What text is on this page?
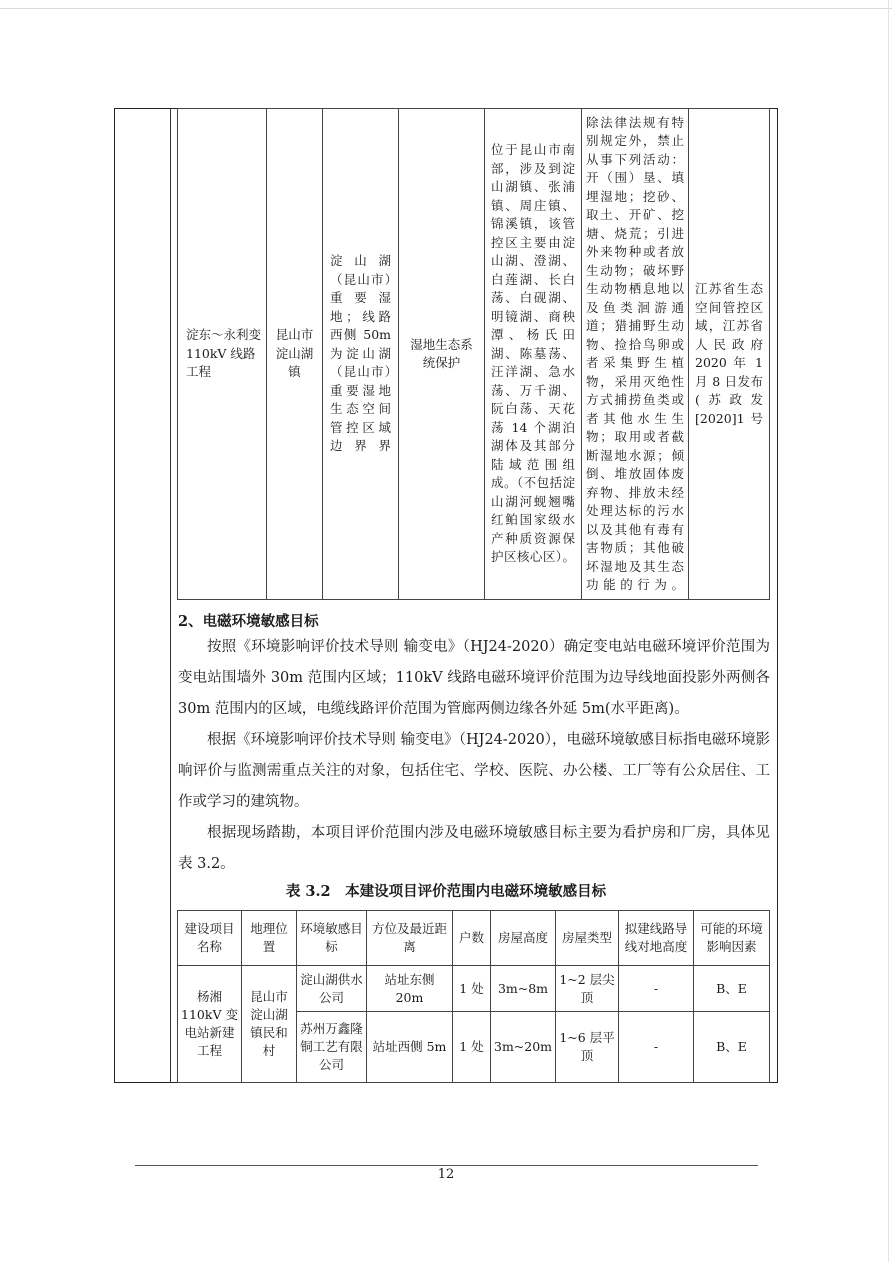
淀东～永利变 110kV 线路工程	昆山市淀山湖镇	淀山湖（昆山市）重要湿地；线路西侧 50m 为淀山湖（昆山市）重要湿地生态空间管控区域边界界	湿地生态系统保护	位于昆山市南部，涉及到淀山湖镇、张浦镇、周庄镇、锦溪镇，该管控区主要由淀山湖、澄湖、白莲湖、长白荡、白砚湖、明镜湖、商秧潭、杨氏田湖、陈墓荡、汪洋湖、急水荡、万千湖、阮白荡、天花荡 14 个湖泊湖体及其部分陆域范围组成。（不包括淀山湖河蚬翘嘴红鲌国家级水产种质资源保护区核心区）。	除法律法规有特别规定外，禁止从事下列活动：开（围）垦、填埋湿地；挖砂、取土、开矿、挖塘、烧荒；引进外来物种或者放生动物；破坏野生动物栖息地以及鱼类洄游通道；猎捕野生动物、捡拾鸟卵或者采集野生植物，采用灭绝性方式捕捞鱼类或者其他水生生物；取用或者截断湿地水源；倾倒、堆放固体废弃物、排放未经处理达标的污水以及其他有毒有害物质；其他破坏湿地及其生态功能的行为。	江苏省生态空间管控区域，江苏省人民政府 2020 年 1 月 8 日发布(苏政发[2020]1 号
2、电磁环境敏感目标
按照《环境影响评价技术导则 输变电》（HJ24-2020）确定变电站电磁环境评价范围为变电站围墙外 30m 范围内区域；110kV 线路电磁环境评价范围为边导线地面投影外两侧各 30m 范围内的区域，电缆线路评价范围为管廊两侧边缘各外延 5m(水平距离)。
根据《环境影响评价技术导则 输变电》（HJ24-2020），电磁环境敏感目标指电磁环境影响评价与监测需重点关注的对象，包括住宅、学校、医院、办公楼、工厂等有公众居住、工作或学习的建筑物。
根据现场踏勘，本项目评价范围内涉及电磁环境敏感目标主要为看护房和厂房，具体见表 3.2。
表 3.2　本建设项目评价范围内电磁环境敏感目标
建设项目名称	地理位置	环境敏感目标	方位及最近距离	户数	房屋高度	房屋类型	拟建线路导线对地高度	可能的环境影响因素
杨湘 110kV 变电站新建工程	昆山市淀山湖镇民和村	淀山湖供水公司	站址东侧 20m	1 处	3m~8m	1~2 层尖顶	-	B、E
		苏州万鑫隆铜工艺有限公司	站址西侧 5m	1 处	3m~20m	1~6 层平顶	-	B、E
12
